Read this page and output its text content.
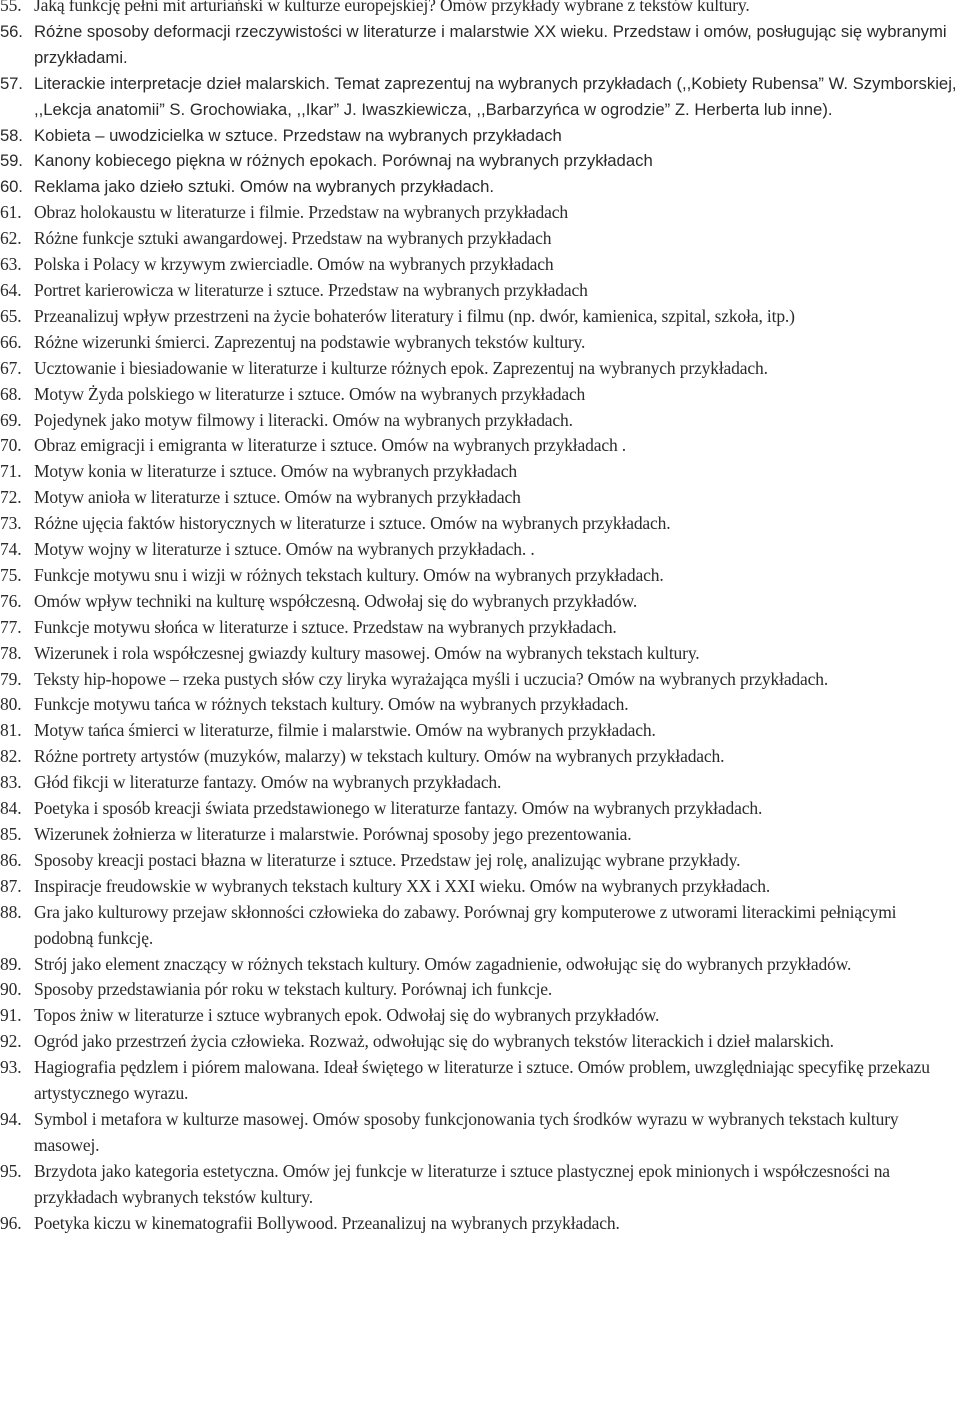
55. Jaką funkcję pełni mit arturiański w kulturze europejskiej? Omów przykłady wybrane z tekstów kultury.
56. Różne sposoby deformacji rzeczywistości w literaturze i malarstwie XX wieku. Przedstaw i omów, posługując się wybranymi przykładami.
57. Literackie interpretacje dzieł malarskich. Temat zaprezentuj na wybranych przykładach (,,Kobiety Rubensa” W. Szymborskiej, ,,Lekcja anatomii” S. Grochowiaka, ,,Ikar” J. Iwaszkiewicza, ,,Barbarzyńca w ogrodzie” Z. Herberta lub inne).
58. Kobieta – uwodzicielka w sztuce. Przedstaw na wybranych przykładach
59. Kanony kobiecego piękna w różnych epokach. Porównaj na wybranych przykładach
60. Reklama jako dzieło sztuki. Omów na wybranych przykładach.
61. Obraz holokaustu w literaturze i filmie. Przedstaw na wybranych przykładach
62. Różne funkcje sztuki awangardowej. Przedstaw na wybranych przykładach
63. Polska i Polacy w krzywym zwierciadle. Omów na wybranych przykładach
64. Portret karierowicza w literaturze i sztuce. Przedstaw na wybranych przykładach
65. Przeanalizuj wpływ przestrzeni na życie bohaterów literatury i filmu (np. dwór, kamienica, szpital, szkoła, itp.)
66. Różne wizerunki śmierci. Zaprezentuj na podstawie wybranych tekstów kultury.
67. Ucztowanie i biesiadowanie w literaturze i kulturze różnych epok. Zaprezentuj na wybranych przykładach.
68. Motyw Żyda polskiego w literaturze i sztuce. Omów na wybranych przykładach
69. Pojedynek jako motyw filmowy i literacki. Omów na wybranych przykładach.
70. Obraz emigracji i emigranta w literaturze i sztuce. Omów na wybranych przykładach .
71. Motyw konia w literaturze i sztuce. Omów na wybranych przykładach
72. Motyw anioła w literaturze i sztuce. Omów na wybranych przykładach
73. Różne ujęcia faktów historycznych w literaturze i sztuce. Omów na wybranych przykładach.
74. Motyw wojny w literaturze i sztuce. Omów na wybranych przykładach. .
75. Funkcje motywu snu i wizji w różnych tekstach kultury. Omów na wybranych przykładach.
76. Omów wpływ techniki na kulturę współczesną. Odwołaj się do wybranych przykładów.
77. Funkcje motywu słońca w literaturze i sztuce. Przedstaw na wybranych przykładach.
78. Wizerunek i rola współczesnej gwiazdy kultury masowej. Omów na wybranych tekstach kultury.
79. Teksty hip-hopowe – rzeka pustych słów czy liryka wyrażająca myśli i uczucia? Omów na wybranych przykładach.
80. Funkcje motywu tańca w różnych tekstach kultury. Omów na wybranych przykładach.
81. Motyw tańca śmierci w literaturze, filmie i malarstwie. Omów na wybranych przykładach.
82. Różne portrety artystów (muzyków, malarzy) w tekstach kultury. Omów na wybranych przykładach.
83. Głód fikcji w literaturze fantazy. Omów na wybranych przykładach.
84. Poetyka i sposób kreacji świata przedstawionego w literaturze fantazy. Omów na wybranych przykładach.
85. Wizerunek żołnierza w literaturze i malarstwie. Porównaj sposoby jego prezentowania.
86. Sposoby kreacji postaci błazna w literaturze i sztuce. Przedstaw jej rolę, analizując wybrane przykłady.
87. Inspiracje freudowskie w wybranych tekstach kultury XX i XXI wieku. Omów na wybranych przykładach.
88. Gra jako kulturowy przejaw skłonności człowieka do zabawy. Porównaj gry komputerowe z utworami literackimi pełniącymi podobną funkcję.
89. Strój jako element znaczący w różnych tekstach kultury. Omów zagadnienie, odwołując się do wybranych przykładów.
90. Sposoby przedstawiania pór roku w tekstach kultury. Porównaj ich funkcje.
91. Topos żniw w literaturze i sztuce wybranych epok. Odwołaj się do wybranych przykładów.
92. Ogród jako przestrzeń życia człowieka. Rozważ, odwołując się do wybranych tekstów literackich i dzieł malarskich.
93. Hagiografia pędzlem i piórem malowana. Ideał świętego w literaturze i sztuce. Omów problem, uwzględniając specyfikę przekazu artystycznego wyrazu.
94. Symbol i metafora w kulturze masowej. Omów sposoby funkcjonowania tych środków wyrazu w wybranych tekstach kultury masowej.
95. Brzydota jako kategoria estetyczna. Omów jej funkcje w literaturze i sztuce plastycznej epok minionych i współczesności na przykładach wybranych tekstów kultury.
96. Poetyka kiczu w kinematografii Bollywood. Przeanalizuj na wybranych przykładach.
